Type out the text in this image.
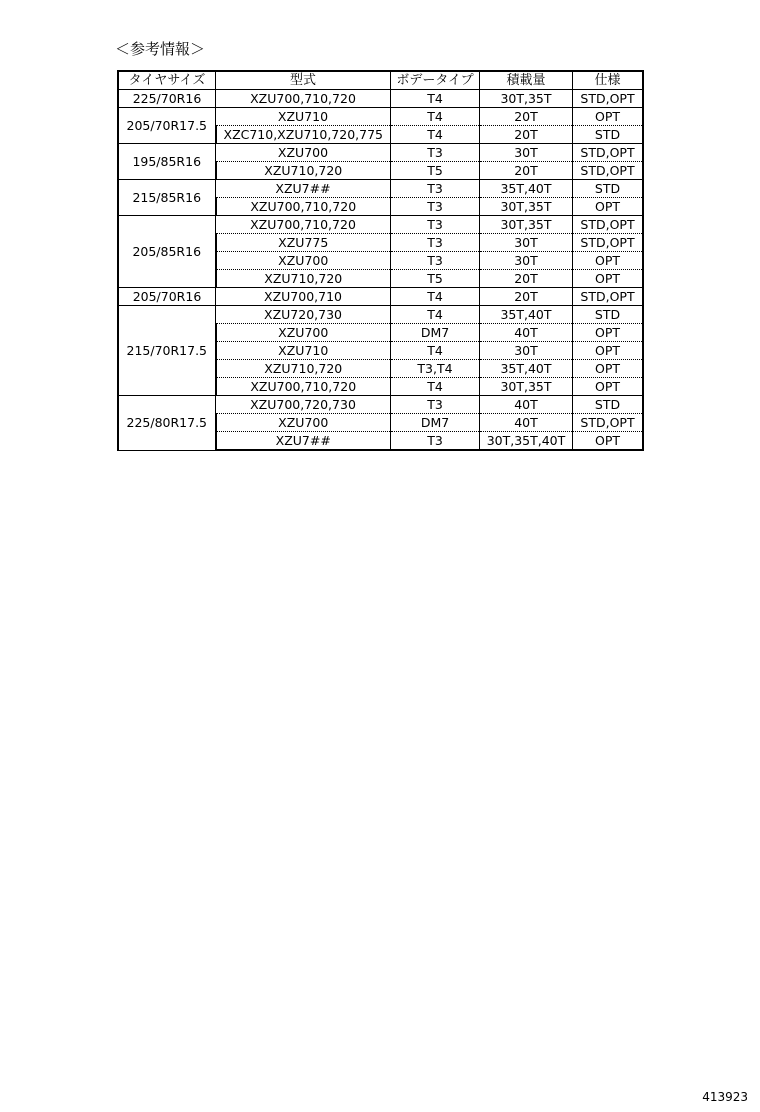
＜参考情報＞
タイヤサイズ	型式	ボデータイプ	積載量	仕様
225/70R16	XZU700,710,720	T4	30T,35T	STD,OPT
205/70R17.5	XZU710	T4	20T	OPT
	XZC710,XZU710,720,775	T4	20T	STD
195/85R16	XZU700	T3	30T	STD,OPT
	XZU710,720	T5	20T	STD,OPT
215/85R16	XZU7##	T3	35T,40T	STD
	XZU700,710,720	T3	30T,35T	OPT
205/85R16	XZU700,710,720	T3	30T,35T	STD,OPT
	XZU775	T3	30T	STD,OPT
	XZU700	T3	30T	OPT
	XZU710,720	T5	20T	OPT
205/70R16	XZU700,710	T4	20T	STD,OPT
215/70R17.5	XZU720,730	T4	35T,40T	STD
	XZU700	DM7	40T	OPT
	XZU710	T4	30T	OPT
	XZU710,720	T3,T4	35T,40T	OPT
	XZU700,710,720	T4	30T,35T	OPT
225/80R17.5	XZU700,720,730	T3	40T	STD
	XZU700	DM7	40T	STD,OPT
	XZU7##	T3	30T,35T,40T	OPT
413923
